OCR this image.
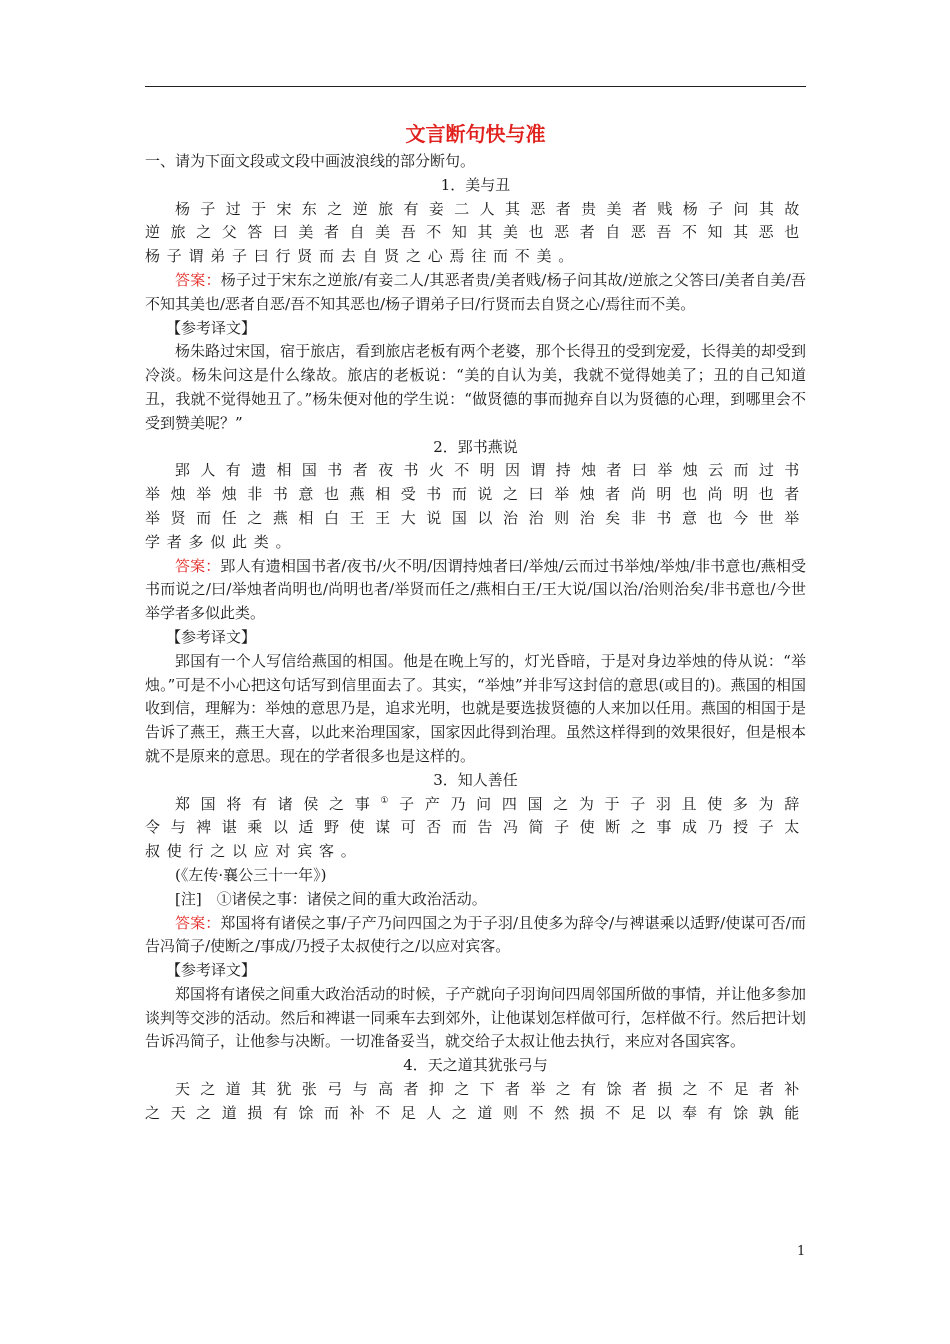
文言断句快与准

一、请为下面文段或文段中画波浪线的部分断句。

1．美与丑

杨子过于宋东之逆旅有妾二人其恶者贵美者贱杨子问其故

逆旅之父答曰美者自美吾不知其美也恶者自恶吾不知其恶也

杨子谓弟子曰行贤而去自贤之心焉往而不美。

答案：杨子过于宋东之逆旅/有妾二人/其恶者贵/美者贱/杨子问其故/逆旅之父答曰/美者自美/吾不知其美也/恶者自恶/吾不知其恶也/杨子谓弟子曰/行贤而去自贤之心/焉往而不美。

【参考译文】

杨朱路过宋国，宿于旅店，看到旅店老板有两个老婆，那个长得丑的受到宠爱，长得美的却受到冷淡。杨朱问这是什么缘故。旅店的老板说：“美的自认为美，我就不觉得她美了；丑的自己知道丑，我就不觉得她丑了。”杨朱便对他的学生说：“做贤德的事而抛弃自以为贤德的心理，到哪里会不受到赞美呢？”

2．郢书燕说

郢人有遗相国书者夜书火不明因谓持烛者曰举烛云而过书

举烛举烛非书意也燕相受书而说之曰举烛者尚明也尚明也者

举贤而任之燕相白王王大说国以治治则治矣非书意也今世举

学者多似此类。

答案：郢人有遗相国书者/夜书/火不明/因谓持烛者曰/举烛/云而过书举烛/举烛/非书意也/燕相受书而说之/曰/举烛者尚明也/尚明也者/举贤而任之/燕相白王/王大说/国以治/治则治矣/非书意也/今世举学者多似此类。

【参考译文】

郢国有一个人写信给燕国的相国。他是在晚上写的，灯光昏暗，于是对身边举烛的侍从说：“举烛。”可是不小心把这句话写到信里面去了。其实，“举烛”并非写这封信的意思(或目的)。燕国的相国收到信，理解为：举烛的意思乃是，追求光明，也就是要选拔贤德的人来加以任用。燕国的相国于是告诉了燕王，燕王大喜，以此来治理国家，国家因此得到治理。虽然这样得到的效果很好，但是根本就不是原来的意思。现在的学者很多也是这样的。

3．知人善任

郑国将有诸侯之事①子产乃问四国之为于子羽且使多为辞

令与裨谌乘以适野使谋可否而告冯简子使断之事成乃授子太

叔使行之以应对宾客。

(《左传·襄公三十一年》)

[注]  ①诸侯之事：诸侯之间的重大政治活动。

答案：郑国将有诸侯之事/子产乃问四国之为于子羽/且使多为辞令/与裨谌乘以适野/使谋可否/而告冯简子/使断之/事成/乃授子太叔使行之/以应对宾客。

【参考译文】

郑国将有诸侯之间重大政治活动的时候，子产就向子羽询问四周邻国所做的事情，并让他多参加谈判等交涉的活动。然后和裨谌一同乘车去到郊外，让他谋划怎样做可行，怎样做不行。然后把计划告诉冯简子，让他参与决断。一切准备妥当，就交给子太叔让他去执行，来应对各国宾客。

4．天之道其犹张弓与

天之道其犹张弓与高者抑之下者举之有馀者损之不足者补

之天之道损有馀而补不足人之道则不然损不足以奉有馀孰能

1
